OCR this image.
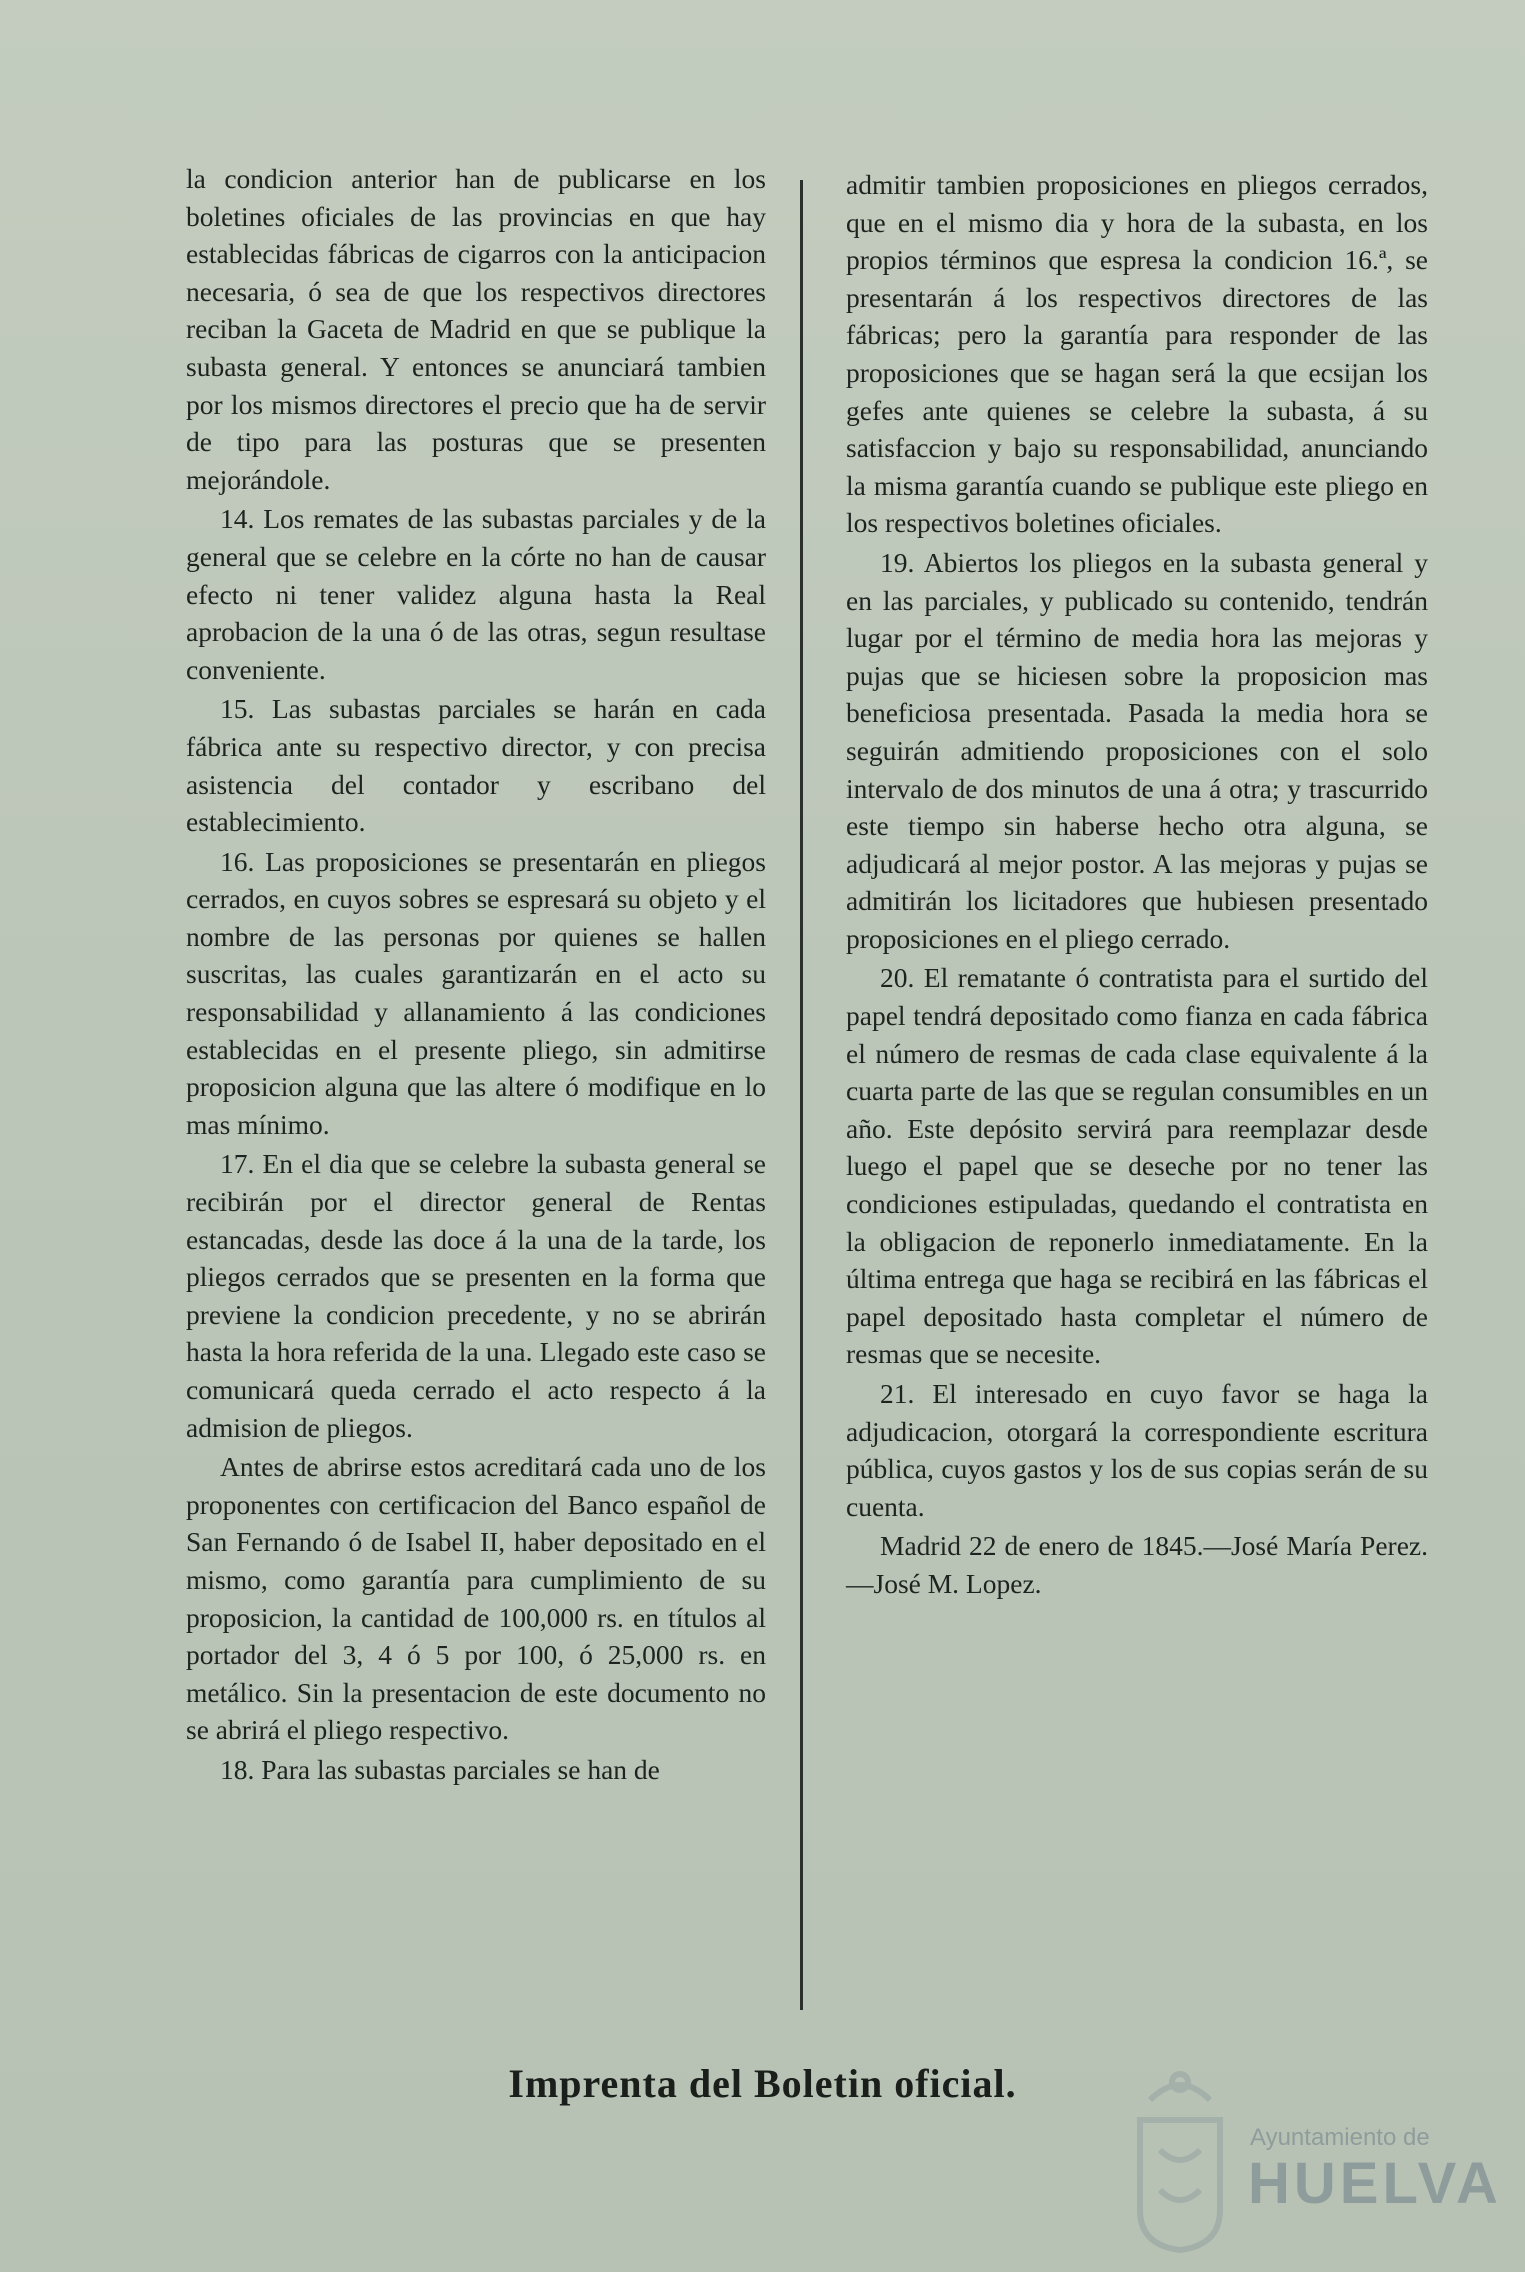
la condicion anterior han de publicarse en los boletines oficiales de las provincias en que hay establecidas fábricas de cigarros con la anticipacion necesaria, ó sea de que los respectivos directores reciban la Gaceta de Madrid en que se publique la subasta general. Y entonces se anunciará tambien por los mismos directores el precio que ha de servir de tipo para las posturas que se presenten mejorándole.

14. Los remates de las subastas parciales y de la general que se celebre en la córte no han de causar efecto ni tener validez alguna hasta la Real aprobacion de la una ó de las otras, segun resultase conveniente.

15. Las subastas parciales se harán en cada fábrica ante su respectivo director, y con precisa asistencia del contador y escribano del establecimiento.

16. Las proposiciones se presentarán en pliegos cerrados, en cuyos sobres se espresará su objeto y el nombre de las personas por quienes se hallen suscritas, las cuales garantizarán en el acto su responsabilidad y allanamiento á las condiciones establecidas en el presente pliego, sin admitirse proposicion alguna que las altere ó modifique en lo mas mínimo.

17. En el dia que se celebre la subasta general se recibirán por el director general de Rentas estancadas, desde las doce á la una de la tarde, los pliegos cerrados que se presenten en la forma que previene la condicion precedente, y no se abrirán hasta la hora referida de la una. Llegado este caso se comunicará queda cerrado el acto respecto á la admision de pliegos.

Antes de abrirse estos acreditará cada uno de los proponentes con certificacion del Banco español de San Fernando ó de Isabel II, haber depositado en el mismo, como garantía para cumplimiento de su proposicion, la cantidad de 100,000 rs. en títulos al portador del 3, 4 ó 5 por 100, ó 25,000 rs. en metálico. Sin la presentacion de este documento no se abrirá el pliego respectivo.

18. Para las subastas parciales se han de

admitir tambien proposiciones en pliegos cerrados, que en el mismo dia y hora de la subasta, en los propios términos que espresa la condicion 16.ª, se presentarán á los respectivos directores de las fábricas; pero la garantía para responder de las proposiciones que se hagan será la que ecsijan los gefes ante quienes se celebre la subasta, á su satisfaccion y bajo su responsabilidad, anunciando la misma garantía cuando se publique este pliego en los respectivos boletines oficiales.

19. Abiertos los pliegos en la subasta general y en las parciales, y publicado su contenido, tendrán lugar por el término de media hora las mejoras y pujas que se hiciesen sobre la proposicion mas beneficiosa presentada. Pasada la media hora se seguirán admitiendo proposiciones con el solo intervalo de dos minutos de una á otra; y trascurrido este tiempo sin haberse hecho otra alguna, se adjudicará al mejor postor. A las mejoras y pujas se admitirán los licitadores que hubiesen presentado proposiciones en el pliego cerrado.

20. El rematante ó contratista para el surtido del papel tendrá depositado como fianza en cada fábrica el número de resmas de cada clase equivalente á la cuarta parte de las que se regulan consumibles en un año. Este depósito servirá para reemplazar desde luego el papel que se deseche por no tener las condiciones estipuladas, quedando el contratista en la obligacion de reponerlo inmediatamente. En la última entrega que haga se recibirá en las fábricas el papel depositado hasta completar el número de resmas que se necesite.

21. El interesado en cuyo favor se haga la adjudicacion, otorgará la correspondiente escritura pública, cuyos gastos y los de sus copias serán de su cuenta.

Madrid 22 de enero de 1845.—José María Perez.—José M. Lopez.

Imprenta del Boletin oficial.
Ayuntamiento de
HUELVA
